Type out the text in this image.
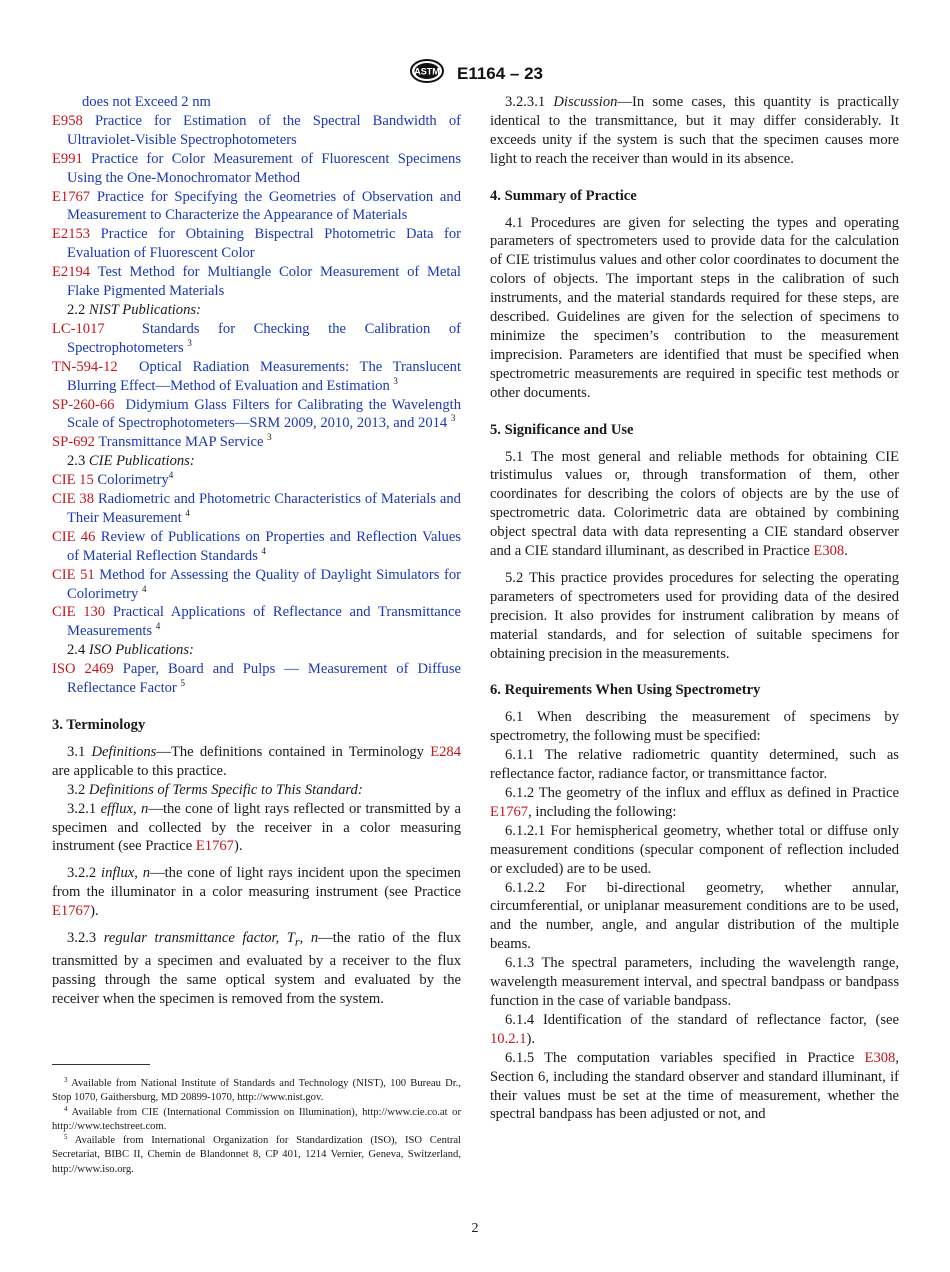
ASTM E1164 – 23

does not Exceed 2 nm

E958 Practice for Estimation of the Spectral Bandwidth of Ultraviolet-Visible Spectrophotometers

E991 Practice for Color Measurement of Fluorescent Specimens Using the One-Monochromator Method

E1767 Practice for Specifying the Geometries of Observation and Measurement to Characterize the Appearance of Materials

E2153 Practice for Obtaining Bispectral Photometric Data for Evaluation of Fluorescent Color

E2194 Test Method for Multiangle Color Measurement of Metal Flake Pigmented Materials

2.2 NIST Publications:

LC-1017	Standards for Checking the Calibration of Spectrophotometers $^3$

TN-594-12 Optical Radiation Measurements: The Translucent Blurring Effect—Method of Evaluation and Estimation $^3$

SP-260-66 Didymium Glass Filters for Calibrating the Wavelength Scale of Spectrophotometers—SRM 2009, 2010, 2013, and 2014 $^3$

SP-692 Transmittance MAP Service $^3$

2.3 CIE Publications:

CIE 15 Colorimetry$^4$

CIE 38 Radiometric and Photometric Characteristics of Materials and Their Measurement $^4$

CIE 46 Review of Publications on Properties and Reflection Values of Material Reflection Standards $^4$

CIE 51 Method for Assessing the Quality of Daylight Simulators for Colorimetry $^4$

CIE 130 Practical Applications of Reflectance and Transmittance Measurements $^4$

2.4 ISO Publications:

ISO 2469 Paper, Board and Pulps — Measurement of Diffuse Reflectance Factor $^5$

3. Terminology

3.1 Definitions—The definitions contained in Terminology E284 are applicable to this practice.

3.2 Definitions of Terms Specific to This Standard:

3.2.1 efflux, n—the cone of light rays reflected or transmitted by a specimen and collected by the receiver in a color measuring instrument (see Practice E1767).

3.2.2 influx, n—the cone of light rays incident upon the specimen from the illuminator in a color measuring instrument (see Practice E1767).

3.2.3 regular transmittance factor, $T_r$, n—the ratio of the flux transmitted by a specimen and evaluated by a receiver to the flux passing through the same optical system and evaluated by the receiver when the specimen is removed from the system.

$^3$ Available from National Institute of Standards and Technology (NIST), 100 Bureau Dr., Stop 1070, Gaithersburg, MD 20899-1070, http://www.nist.gov.

$^4$ Available from CIE (International Commission on Illumination), http://www.cie.co.at or http://www.techstreet.com.

$^5$ Available from International Organization for Standardization (ISO), ISO Central Secretariat, BIBC II, Chemin de Blandonnet 8, CP 401, 1214 Vernier, Geneva, Switzerland, http://www.iso.org.

3.2.3.1 Discussion—In some cases, this quantity is practically identical to the transmittance, but it may differ considerably. It exceeds unity if the system is such that the specimen causes more light to reach the receiver than would in its absence.

4. Summary of Practice

4.1 Procedures are given for selecting the types and operating parameters of spectrometers used to provide data for the calculation of CIE tristimulus values and other color coordinates to document the colors of objects. The important steps in the calibration of such instruments, and the material standards required for these steps, are described. Guidelines are given for the selection of specimens to minimize the specimen’s contribution to the measurement imprecision. Parameters are identified that must be specified when spectrometric measurements are required in specific test methods or other documents.

5. Significance and Use

5.1 The most general and reliable methods for obtaining CIE tristimulus values or, through transformation of them, other coordinates for describing the colors of objects are by the use of spectrometric data. Colorimetric data are obtained by combining object spectral data with data representing a CIE standard observer and a CIE standard illuminant, as described in Practice E308.

5.2 This practice provides procedures for selecting the operating parameters of spectrometers used for providing data of the desired precision. It also provides for instrument calibration by means of material standards, and for selection of suitable specimens for obtaining precision in the measurements.

6. Requirements When Using Spectrometry

6.1 When describing the measurement of specimens by spectrometry, the following must be specified:

6.1.1 The relative radiometric quantity determined, such as reflectance factor, radiance factor, or transmittance factor.

6.1.2 The geometry of the influx and efflux as defined in Practice E1767, including the following:

6.1.2.1 For hemispherical geometry, whether total or diffuse only measurement conditions (specular component of reflection included or excluded) are to be used.

6.1.2.2 For bi-directional geometry, whether annular, circumferential, or uniplanar measurement conditions are to be used, and the number, angle, and angular distribution of the multiple beams.

6.1.3 The spectral parameters, including the wavelength range, wavelength measurement interval, and spectral bandpass or bandpass function in the case of variable bandpass.

6.1.4 Identification of the standard of reflectance factor, (see 10.2.1).

6.1.5 The computation variables specified in Practice E308, Section 6, including the standard observer and standard illuminant, if their values must be set at the time of measurement, whether the spectral bandpass has been adjusted or not, and

2
